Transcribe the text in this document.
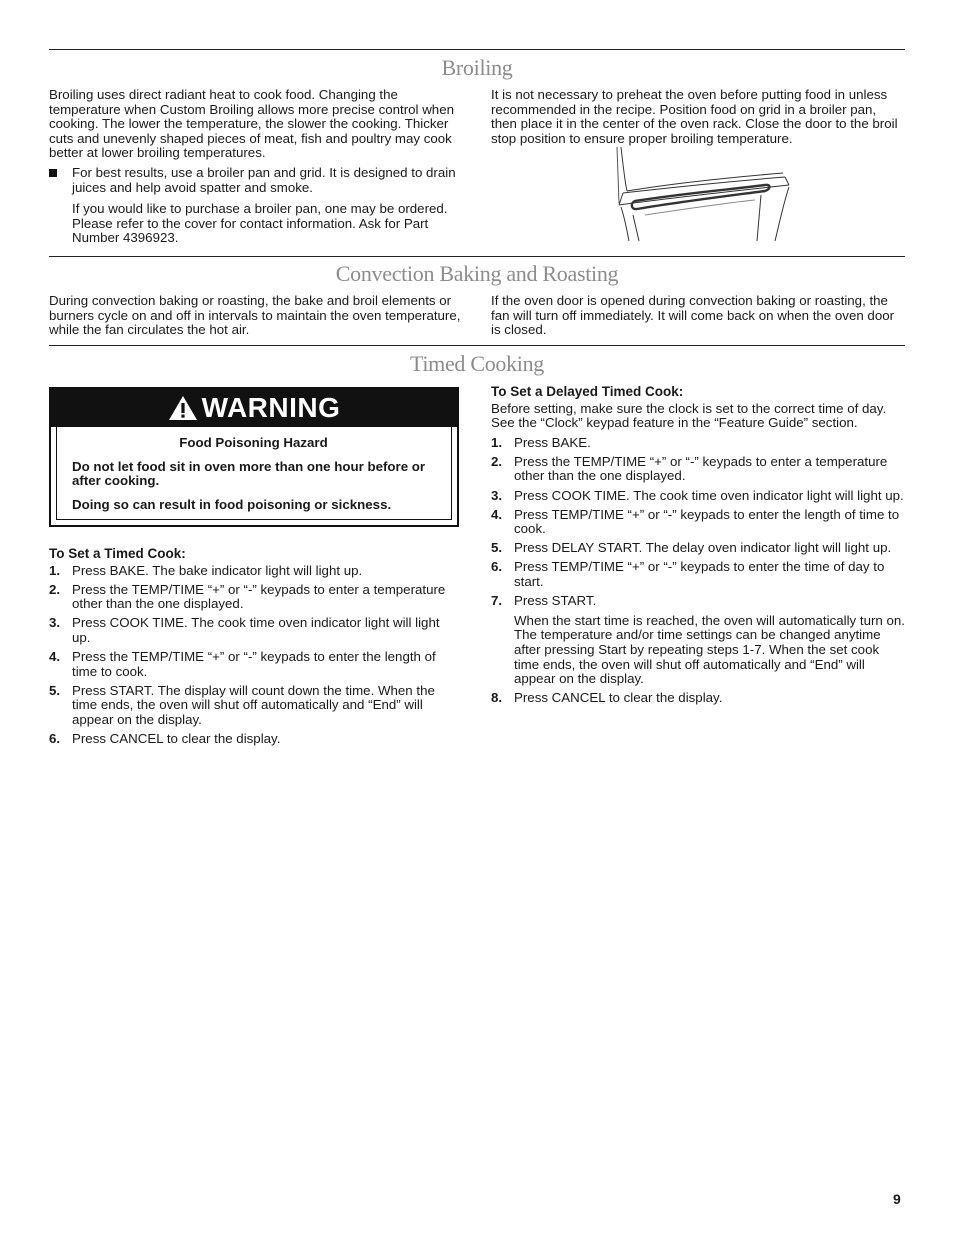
Broiling

Broiling uses direct radiant heat to cook food. Changing the temperature when Custom Broiling allows more precise control when cooking. The lower the temperature, the slower the cooking. Thicker cuts and unevenly shaped pieces of meat, fish and poultry may cook better at lower broiling temperatures.

For best results, use a broiler pan and grid. It is designed to drain juices and help avoid spatter and smoke.

If you would like to purchase a broiler pan, one may be ordered. Please refer to the cover for contact information. Ask for Part Number 4396923.

It is not necessary to preheat the oven before putting food in unless recommended in the recipe. Position food on grid in a broiler pan, then place it in the center of the oven rack. Close the door to the broil stop position to ensure proper broiling temperature.

Convection Baking and Roasting

During convection baking or roasting, the bake and broil elements or burners cycle on and off in intervals to maintain the oven temperature, while the fan circulates the hot air.

If the oven door is opened during convection baking or roasting, the fan will turn off immediately. It will come back on when the oven door is closed.

Timed Cooking
WARNING
Food Poisoning Hazard
Do not let food sit in oven more than one hour before or after cooking.
Doing so can result in food poisoning or sickness.
To Set a Timed Cook:
1. Press BAKE. The bake indicator light will light up.
2. Press the TEMP/TIME “+” or “-” keypads to enter a temperature other than the one displayed.
3. Press COOK TIME. The cook time oven indicator light will light up.
4. Press the TEMP/TIME “+” or “-” keypads to enter the length of time to cook.
5. Press START. The display will count down the time. When the time ends, the oven will shut off automatically and “End” will appear on the display.
6. Press CANCEL to clear the display.
To Set a Delayed Timed Cook:

Before setting, make sure the clock is set to the correct time of day. See the “Clock” keypad feature in the “Feature Guide” section.

1. Press BAKE.
2. Press the TEMP/TIME “+” or “-” keypads to enter a temperature other than the one displayed.
3. Press COOK TIME. The cook time oven indicator light will light up.
4. Press TEMP/TIME “+” or “-” keypads to enter the length of time to cook.
5. Press DELAY START. The delay oven indicator light will light up.
6. Press TEMP/TIME “+” or “-” keypads to enter the time of day to start.
7. Press START.
When the start time is reached, the oven will automatically turn on. The temperature and/or time settings can be changed anytime after pressing Start by repeating steps 1-7. When the set cook time ends, the oven will shut off automatically and “End” will appear on the display.
8. Press CANCEL to clear the display.
9
